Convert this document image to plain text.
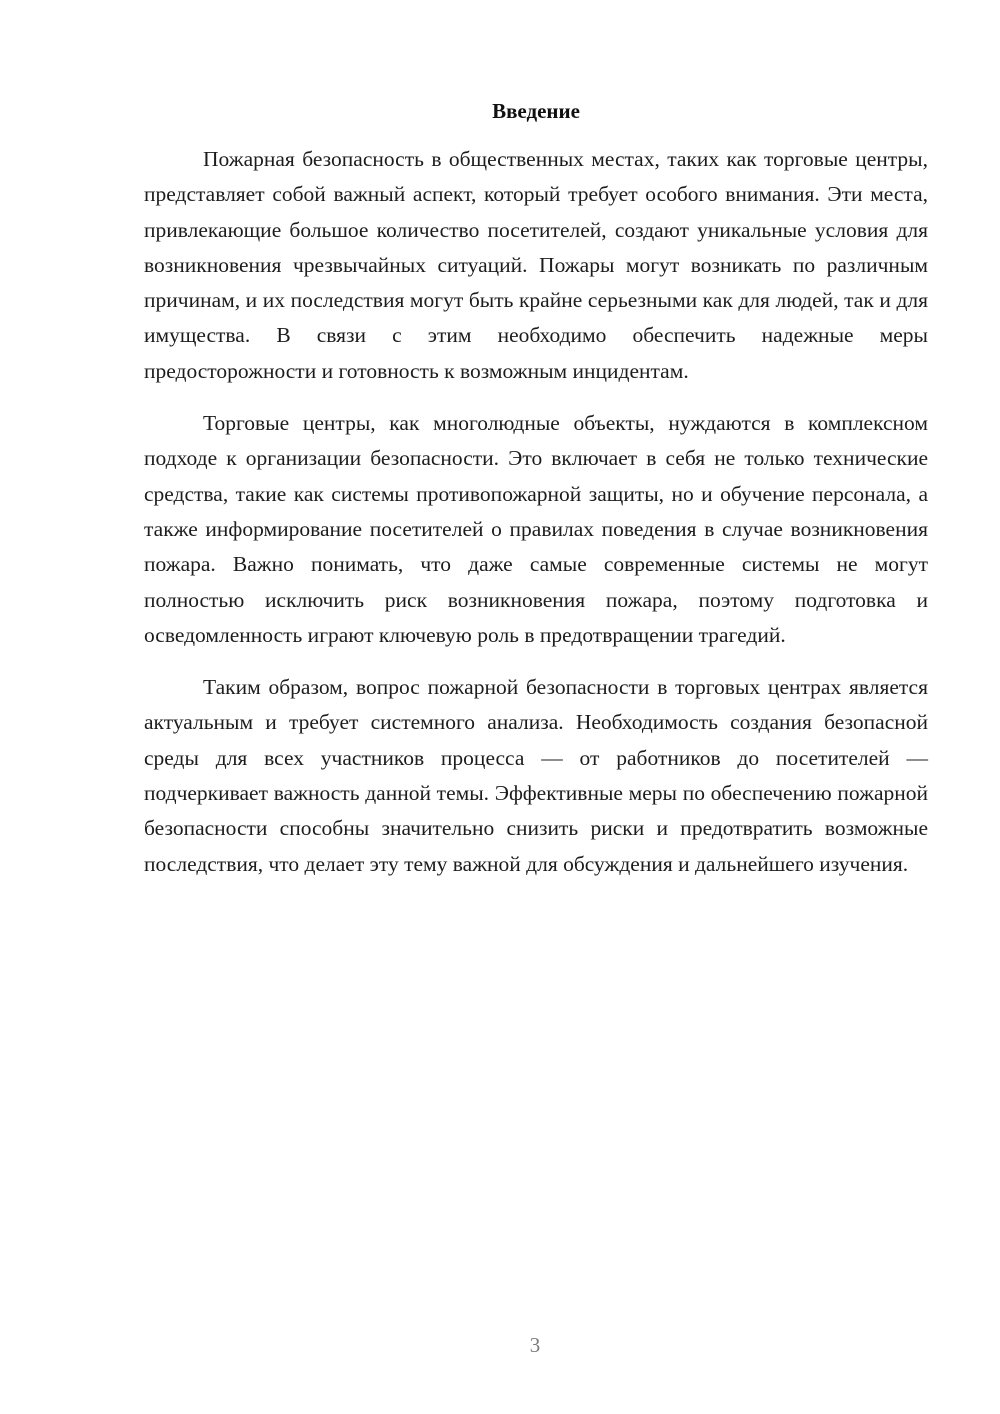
Введение

Пожарная безопасность в общественных местах, таких как торговые центры, представляет собой важный аспект, который требует особого внимания. Эти места, привлекающие большое количество посетителей, создают уникальные условия для возникновения чрезвычайных ситуаций. Пожары могут возникать по различным причинам, и их последствия могут быть крайне серьезными как для людей, так и для имущества. В связи с этим необходимо обеспечить надежные меры предосторожности и готовность к возможным инцидентам.

Торговые центры, как многолюдные объекты, нуждаются в комплексном подходе к организации безопасности. Это включает в себя не только технические средства, такие как системы противопожарной защиты, но и обучение персонала, а также информирование посетителей о правилах поведения в случае возникновения пожара. Важно понимать, что даже самые современные системы не могут полностью исключить риск возникновения пожара, поэтому подготовка и осведомленность играют ключевую роль в предотвращении трагедий.

Таким образом, вопрос пожарной безопасности в торговых центрах является актуальным и требует системного анализа. Необходимость создания безопасной среды для всех участников процесса — от работников до посетителей — подчеркивает важность данной темы. Эффективные меры по обеспечению пожарной безопасности способны значительно снизить риски и предотвратить возможные последствия, что делает эту тему важной для обсуждения и дальнейшего изучения.

3
